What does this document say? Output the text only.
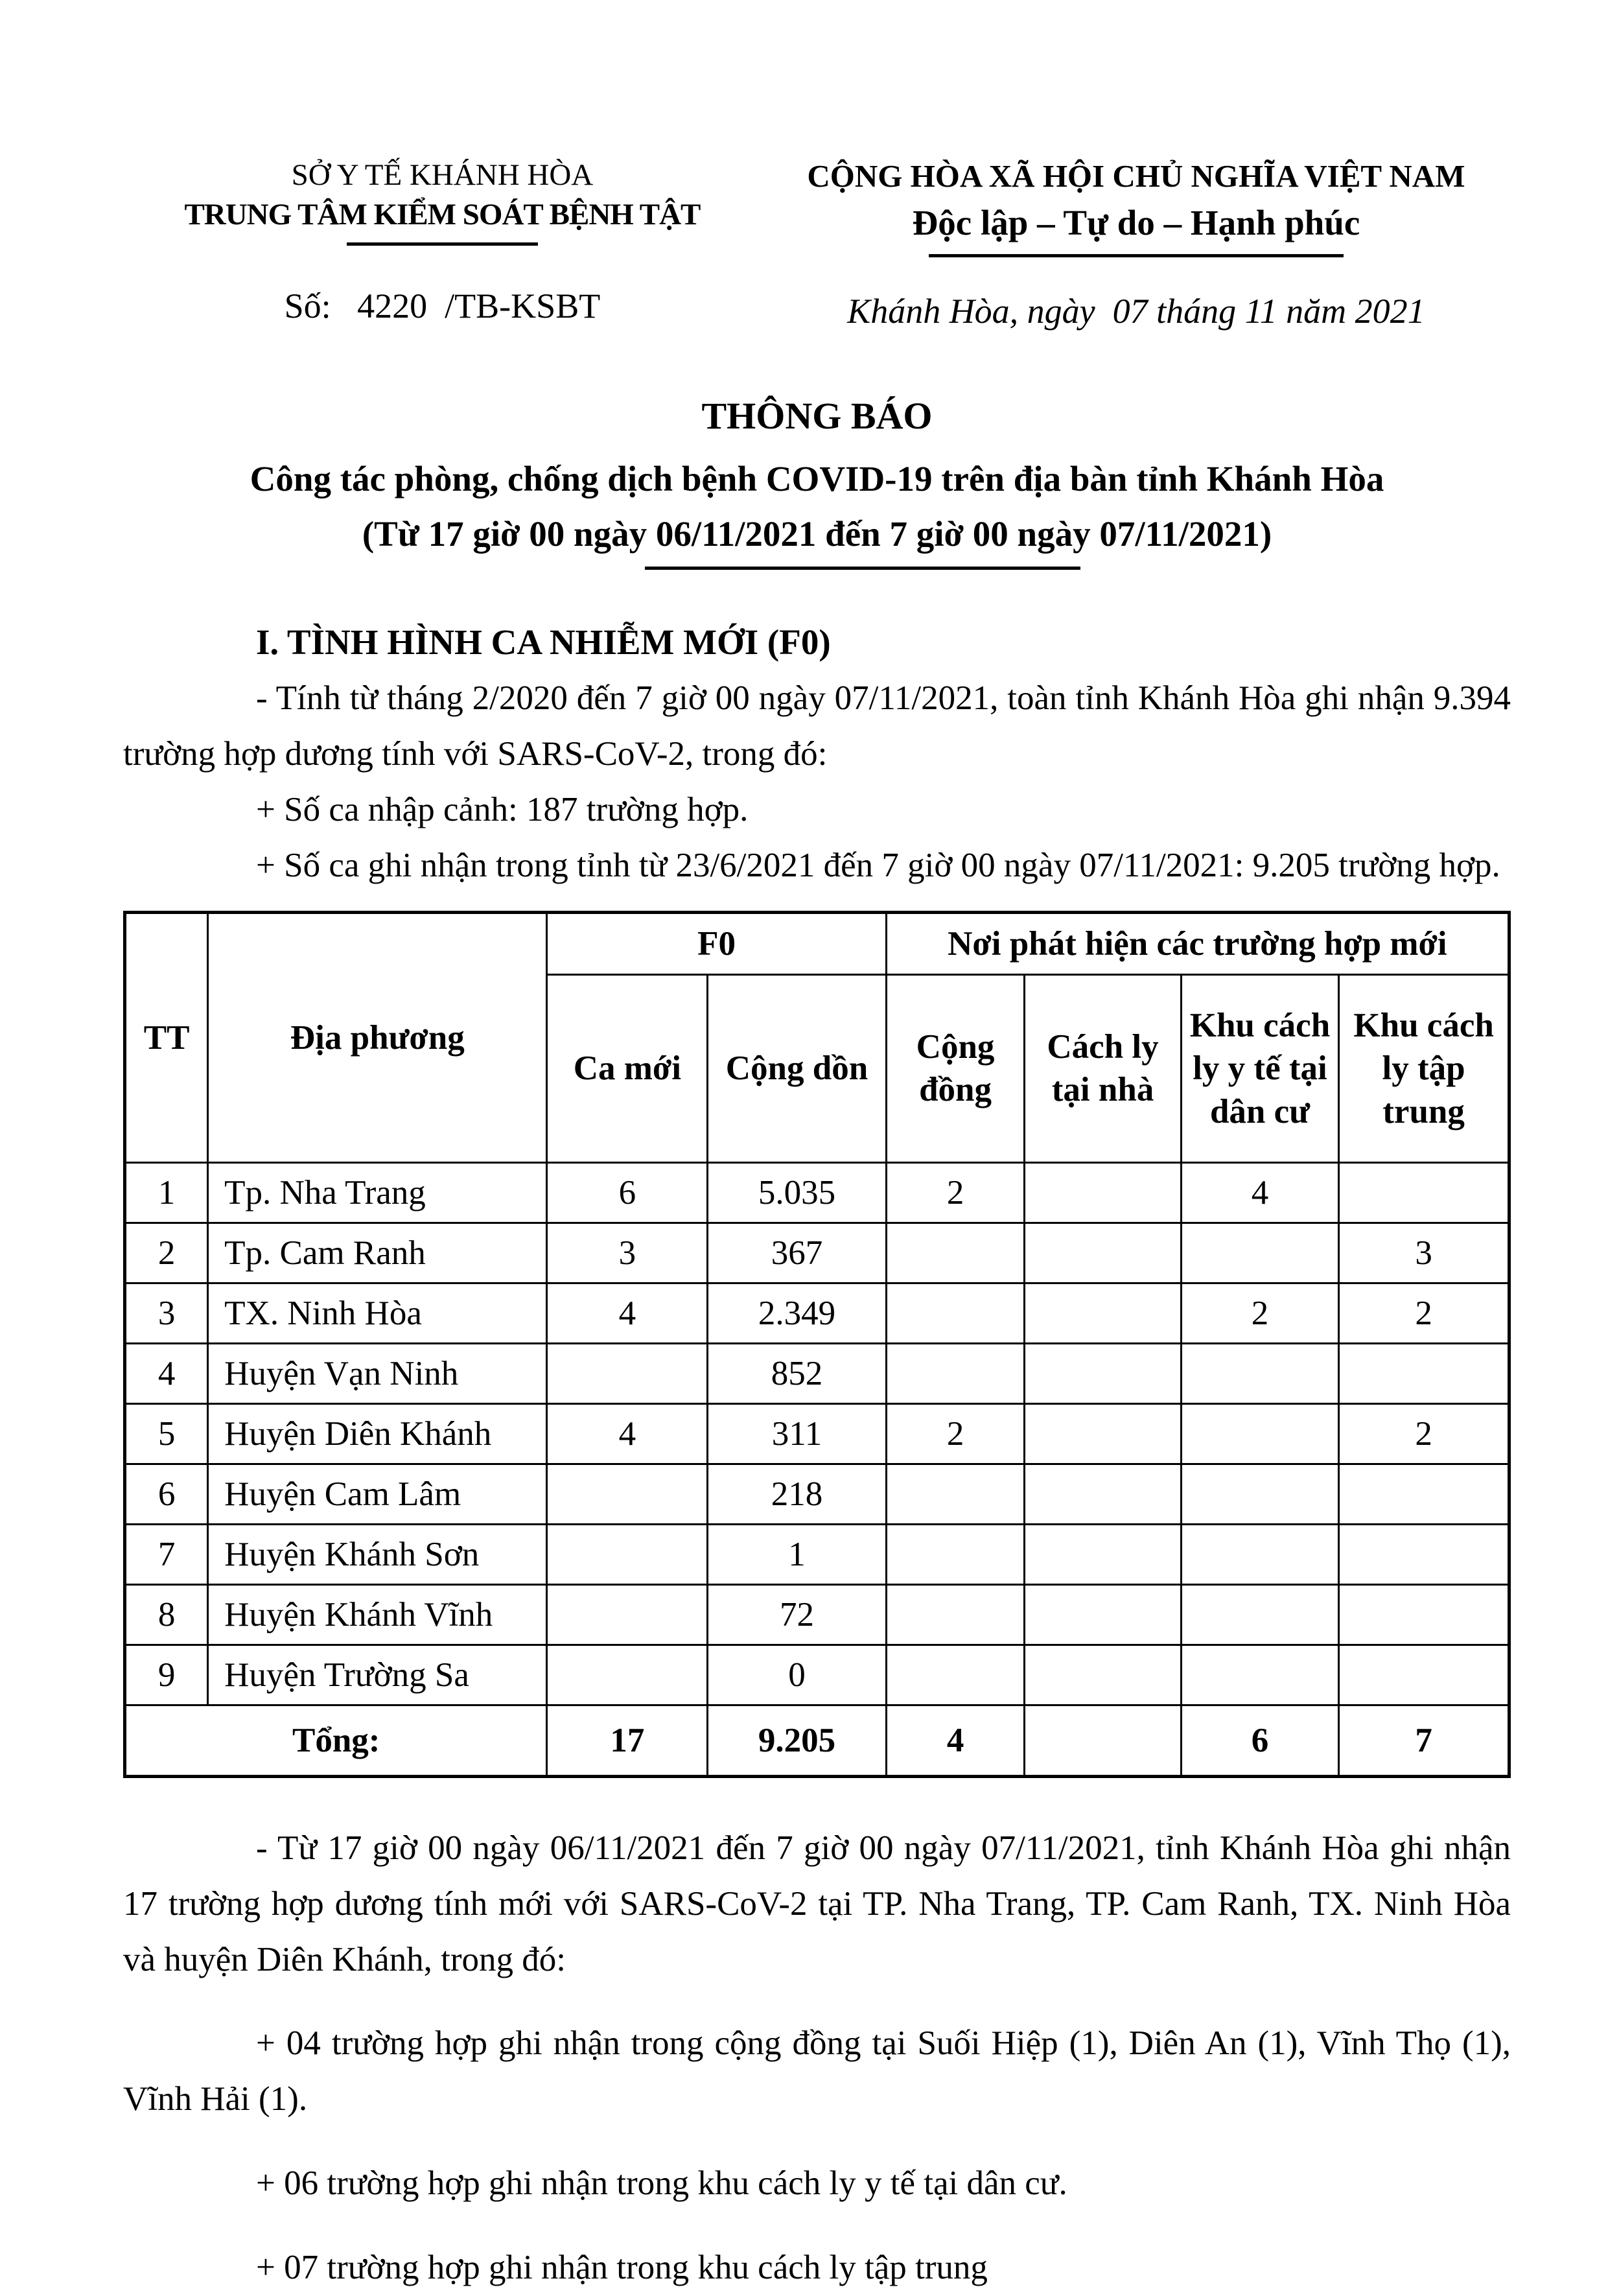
SỞ Y TẾ KHÁNH HÒA
TRUNG TÂM KIỂM SOÁT BỆNH TẬT
Số:   4220  /TB-KSBT
CỘNG HÒA XÃ HỘI CHỦ NGHĨA VIỆT NAM
Độc lập – Tự do – Hạnh phúc
Khánh Hòa, ngày  07 tháng 11 năm 2021
THÔNG BÁO
Công tác phòng, chống dịch bệnh COVID-19 trên địa bàn tỉnh Khánh Hòa
(Từ 17 giờ 00 ngày 06/11/2021 đến 7 giờ 00 ngày 07/11/2021)
I. TÌNH HÌNH CA NHIỄM MỚI (F0)

- Tính từ tháng 2/2020 đến 7 giờ 00 ngày 07/11/2021, toàn tỉnh Khánh Hòa ghi nhận 9.394 trường hợp dương tính với SARS-CoV-2, trong đó:

+ Số ca nhập cảnh: 187 trường hợp.

+ Số ca ghi nhận trong tỉnh từ 23/6/2021 đến 7 giờ 00 ngày 07/11/2021: 9.205 trường hợp.

TT	Địa phương	F0		Nơi phát hiện các trường hợp mới			
		Ca mới	Cộng dồn	Cộng đồng	Cách ly tại nhà	Khu cách ly y tế tại dân cư	Khu cách ly tập trung
1	Tp. Nha Trang	6	5.035	2		4	
2	Tp. Cam Ranh	3	367				3
3	TX. Ninh Hòa	4	2.349			2	2
4	Huyện Vạn Ninh		852				
5	Huyện Diên Khánh	4	311	2			2
6	Huyện Cam Lâm		218				
7	Huyện Khánh Sơn		1				
8	Huyện Khánh Vĩnh		72				
9	Huyện Trường Sa		0				
Tổng:		17	9.205	4		6	7

- Từ 17 giờ 00 ngày 06/11/2021 đến 7 giờ 00 ngày 07/11/2021, tỉnh Khánh Hòa ghi nhận 17 trường hợp dương tính mới với SARS-CoV-2 tại TP. Nha Trang, TP. Cam Ranh, TX. Ninh Hòa và huyện Diên Khánh, trong đó:

+ 04 trường hợp ghi nhận trong cộng đồng tại Suối Hiệp (1), Diên An (1), Vĩnh Thọ (1), Vĩnh Hải (1).

+ 06 trường hợp ghi nhận trong khu cách ly y tế tại dân cư.

+ 07 trường hợp ghi nhận trong khu cách ly tập trung
